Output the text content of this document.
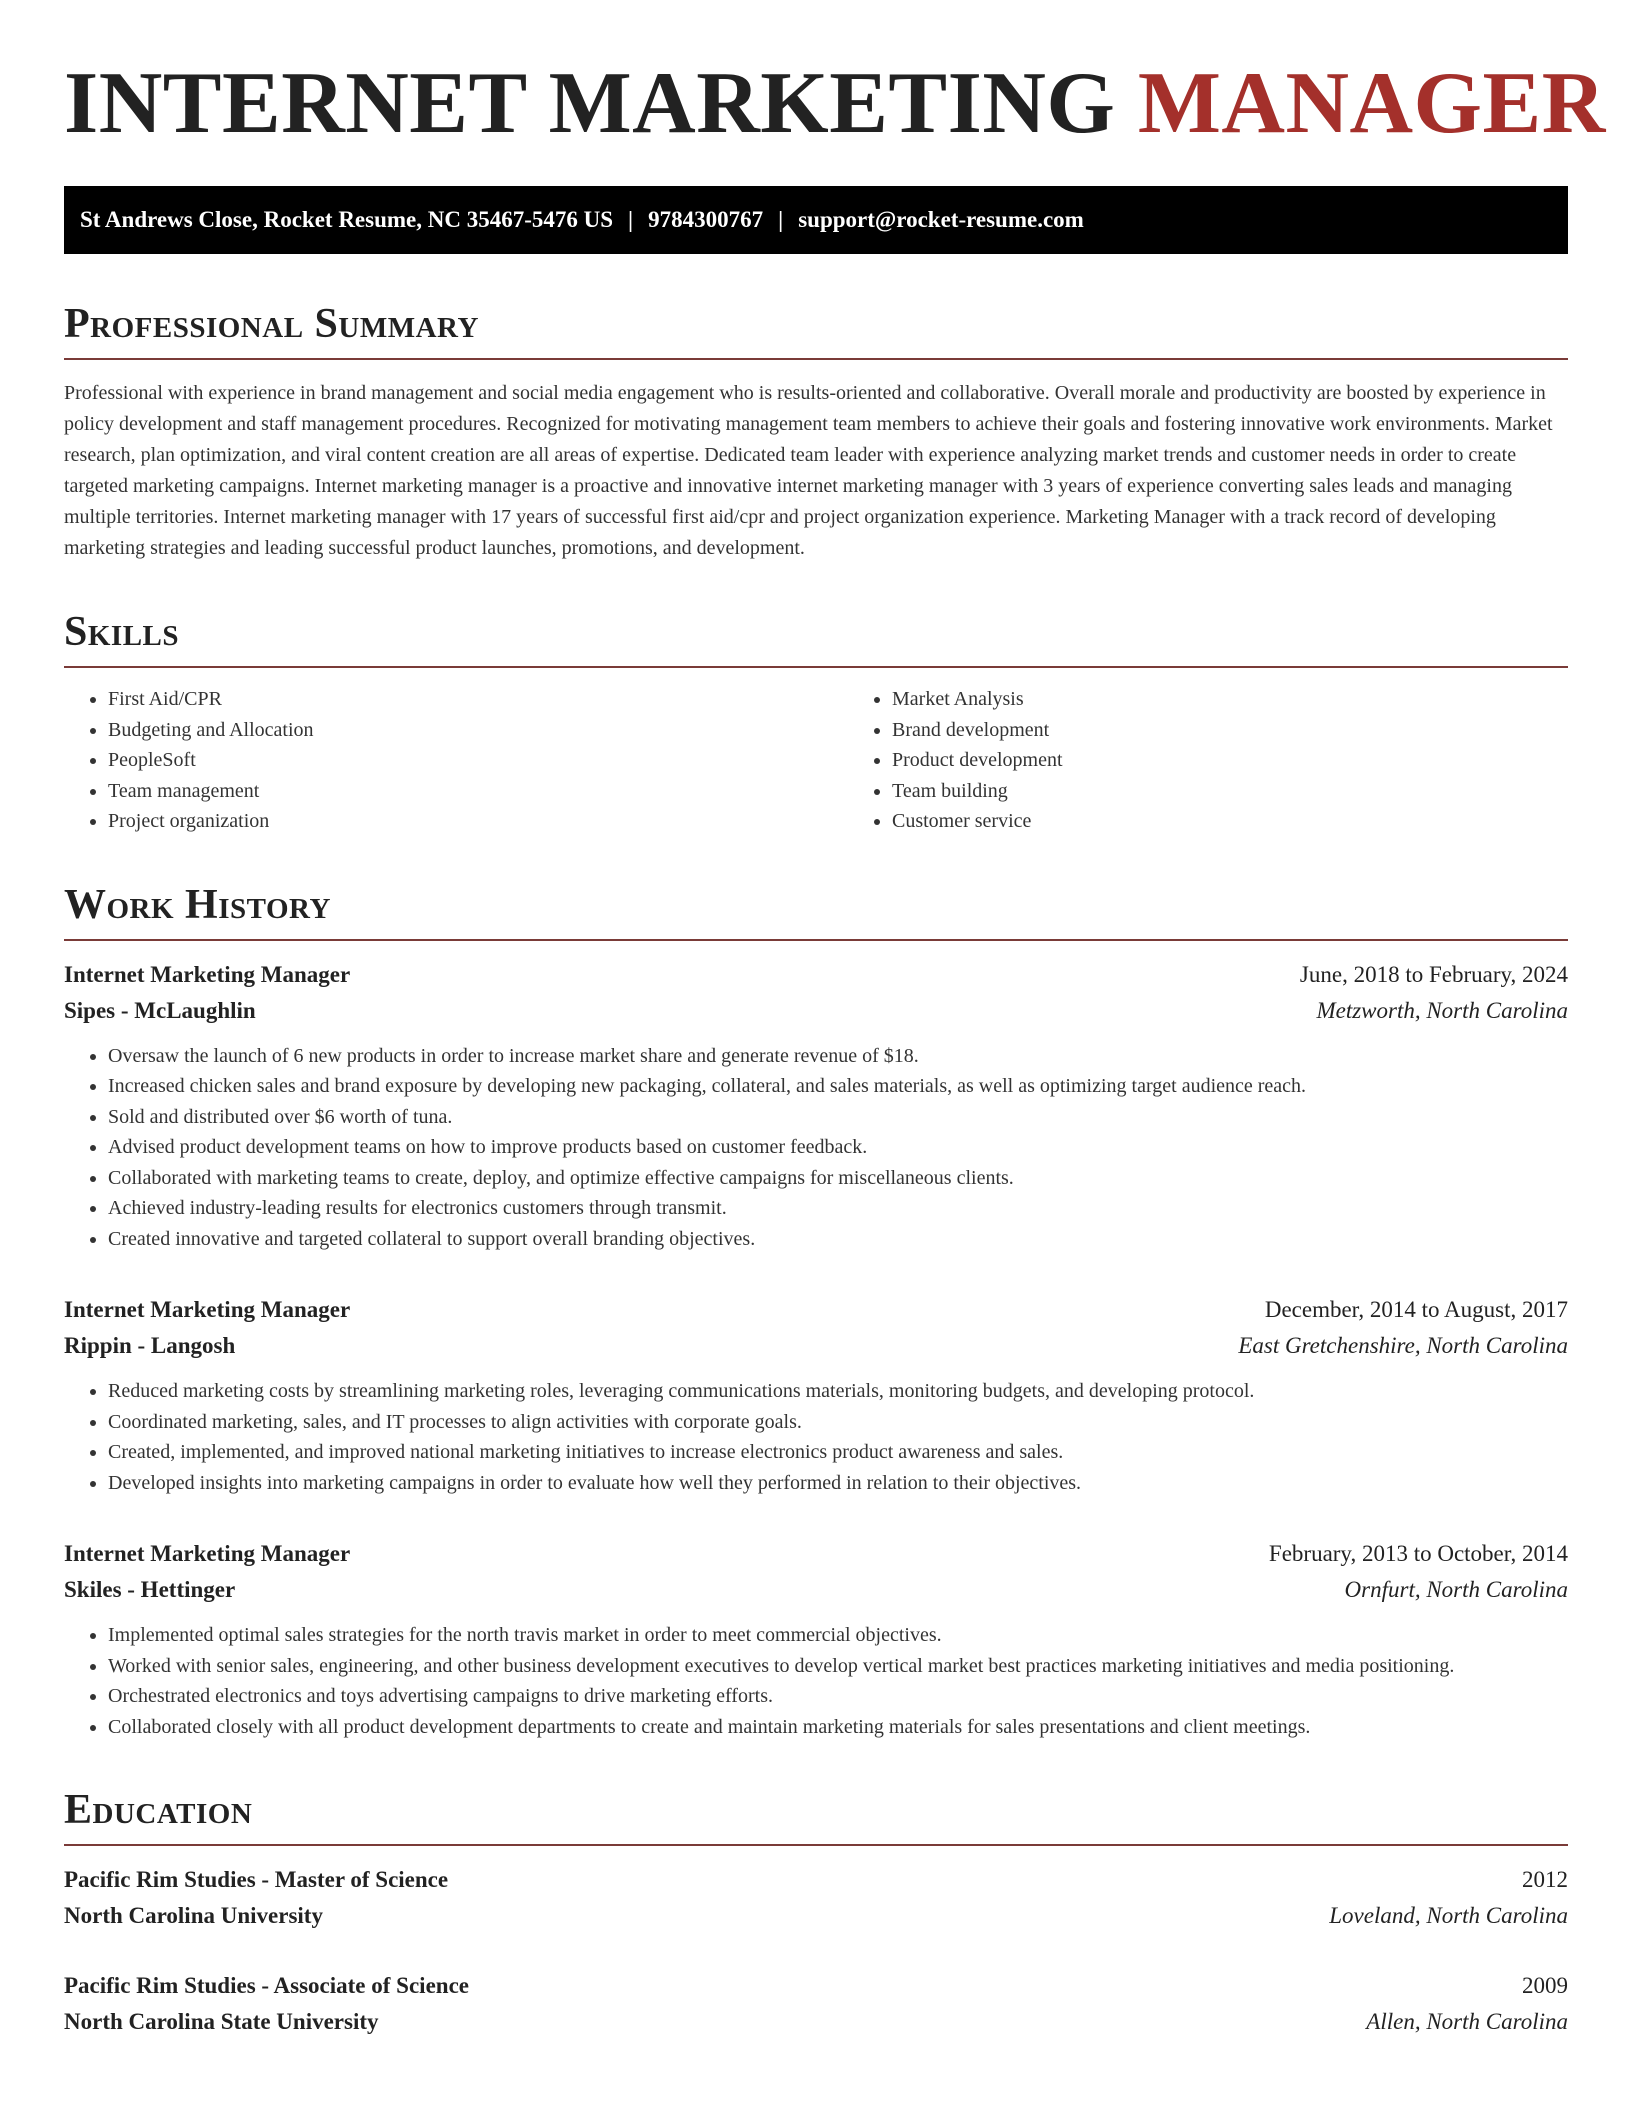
INTERNET MARKETING MANAGER
St Andrews Close, Rocket Resume, NC 35467-5476 US | 9784300767 | support@rocket-resume.com
Professional Summary

Professional with experience in brand management and social media engagement who is results-oriented and collaborative. Overall morale and productivity are boosted by experience in policy development and staff management procedures. Recognized for motivating management team members to achieve their goals and fostering innovative work environments. Market research, plan optimization, and viral content creation are all areas of expertise. Dedicated team leader with experience analyzing market trends and customer needs in order to create targeted marketing campaigns. Internet marketing manager is a proactive and innovative internet marketing manager with 3 years of experience converting sales leads and managing multiple territories. Internet marketing manager with 17 years of successful first aid/cpr and project organization experience. Marketing Manager with a track record of developing marketing strategies and leading successful product launches, promotions, and development.

Skills
• First Aid/CPR
• Budgeting and Allocation
• PeopleSoft
• Team management
• Project organization
• Market Analysis
• Brand development
• Product development
• Team building
• Customer service
Work History
Internet Marketing Manager	June, 2018 to February, 2024
Sipes - McLaughlin	Metzworth, North Carolina
• Oversaw the launch of 6 new products in order to increase market share and generate revenue of $18.
• Increased chicken sales and brand exposure by developing new packaging, collateral, and sales materials, as well as optimizing target audience reach.
• Sold and distributed over $6 worth of tuna.
• Advised product development teams on how to improve products based on customer feedback.
• Collaborated with marketing teams to create, deploy, and optimize effective campaigns for miscellaneous clients.
• Achieved industry-leading results for electronics customers through transmit.
• Created innovative and targeted collateral to support overall branding objectives.
Internet Marketing Manager	December, 2014 to August, 2017
Rippin - Langosh	East Gretchenshire, North Carolina
• Reduced marketing costs by streamlining marketing roles, leveraging communications materials, monitoring budgets, and developing protocol.
• Coordinated marketing, sales, and IT processes to align activities with corporate goals.
• Created, implemented, and improved national marketing initiatives to increase electronics product awareness and sales.
• Developed insights into marketing campaigns in order to evaluate how well they performed in relation to their objectives.
Internet Marketing Manager	February, 2013 to October, 2014
Skiles - Hettinger	Ornfurt, North Carolina
• Implemented optimal sales strategies for the north travis market in order to meet commercial objectives.
• Worked with senior sales, engineering, and other business development executives to develop vertical market best practices marketing initiatives and media positioning.
• Orchestrated electronics and toys advertising campaigns to drive marketing efforts.
• Collaborated closely with all product development departments to create and maintain marketing materials for sales presentations and client meetings.
Education
Pacific Rim Studies - Master of Science	2012
North Carolina University	Loveland, North Carolina
Pacific Rim Studies - Associate of Science	2009
North Carolina State University	Allen, North Carolina
